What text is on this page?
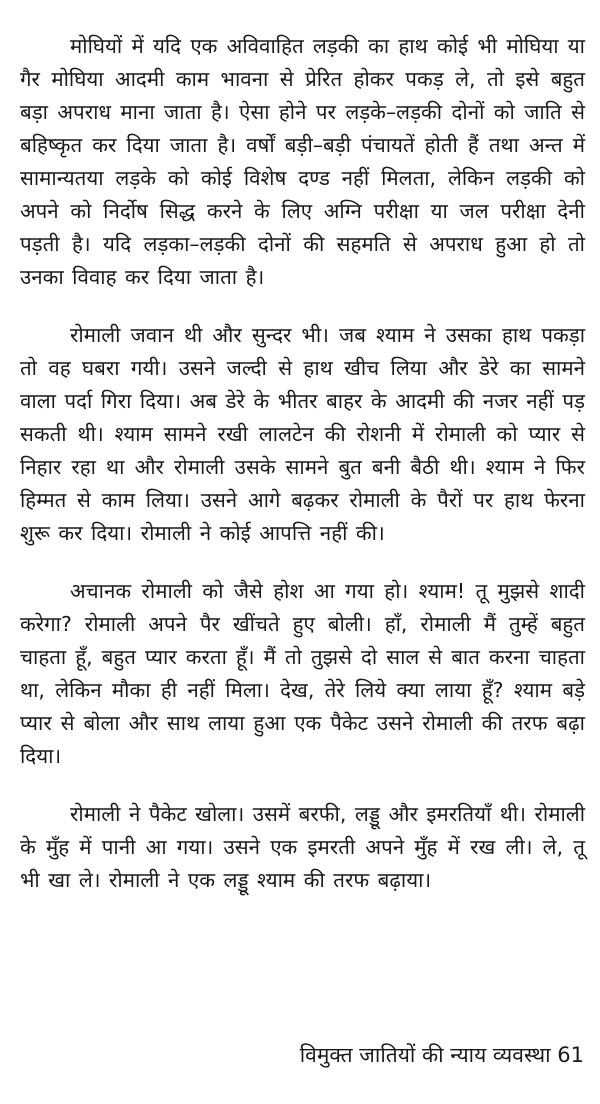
मोघियों में यदि एक अविवाहित लड़की का हाथ कोई भी मोघिया या गैर मोघिया आदमी काम भावना से प्रेरित होकर पकड़ ले, तो इसे बहुत बड़ा अपराध माना जाता है। ऐसा होने पर लड़के–लड़की दोनों को जाति से बहिष्कृत कर दिया जाता है। वर्षों बड़ी–बड़ी पंचायतें होती हैं तथा अन्त में सामान्यतया लड़के को कोई विशेष दण्ड नहीं मिलता, लेकिन लड़की को अपने को निर्दोष सिद्ध करने के लिए अग्नि परीक्षा या जल परीक्षा देनी पड़ती है। यदि लड़का–लड़की दोनों की सहमति से अपराध हुआ हो तो उनका विवाह कर दिया जाता है।

रोमाली जवान थी और सुन्दर भी। जब श्याम ने उसका हाथ पकड़ा तो वह घबरा गयी। उसने जल्दी से हाथ खीच लिया और डेरे का सामने वाला पर्दा गिरा दिया। अब डेरे के भीतर बाहर के आदमी की नजर नहीं पड़ सकती थी। श्याम सामने रखी लालटेन की रोशनी में रोमाली को प्यार से निहार रहा था और रोमाली उसके सामने बुत बनी बैठी थी। श्याम ने फिर हिम्मत से काम लिया। उसने आगे बढ़कर रोमाली के पैरों पर हाथ फेरना शुरू कर दिया। रोमाली ने कोई आपत्ति नहीं की।

अचानक रोमाली को जैसे होश आ गया हो। श्याम! तू मुझसे शादी करेगा? रोमाली अपने पैर खींचते हुए बोली। हाँ, रोमाली मैं तुम्हें बहुत चाहता हूँ, बहुत प्यार करता हूँ। मैं तो तुझसे दो साल से बात करना चाहता था, लेकिन मौका ही नहीं मिला। देख, तेरे लिये क्या लाया हूँ? श्याम बड़े प्यार से बोला और साथ लाया हुआ एक पैकेट उसने रोमाली की तरफ बढ़ा दिया।

रोमाली ने पैकेट खोला। उसमें बरफी, लड्डू और इमरतियाँ थी। रोमाली के मुँह में पानी आ गया। उसने एक इमरती अपने मुँह में रख ली। ले, तू भी खा ले। रोमाली ने एक लड्डू श्याम की तरफ बढ़ाया।

विमुक्त जातियों की न्याय व्यवस्था 61
